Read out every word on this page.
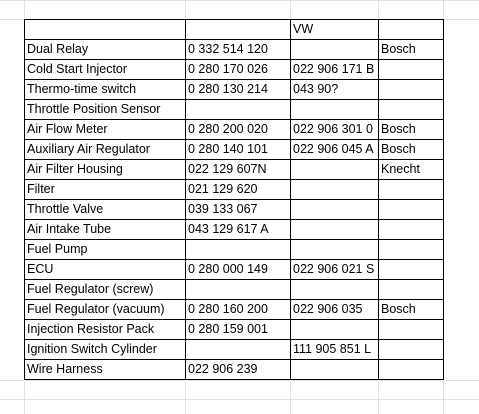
		VW	
Dual Relay	0 332 514 120		Bosch
Cold Start Injector	0 280 170 026	022 906 171 B	
Thermo-time switch	0 280 130 214	043 90?	
Throttle Position Sensor			
Air Flow Meter	0 280 200 020	022 906 301 0	Bosch
Auxiliary Air Regulator	0 280 140 101	022 906 045 A	Bosch
Air Filter Housing	022 129 607N		Knecht
Filter	021 129 620		
Throttle Valve	039 133 067		
Air Intake Tube	043 129 617 A		
Fuel Pump			
ECU	0 280 000 149	022 906 021 S	
Fuel Regulator (screw)			
Fuel Regulator (vacuum)	0 280 160 200	022 906 035	Bosch
Injection Resistor Pack	0 280 159 001		
Ignition Switch Cylinder		111 905 851 L	
Wire Harness	022 906 239		
